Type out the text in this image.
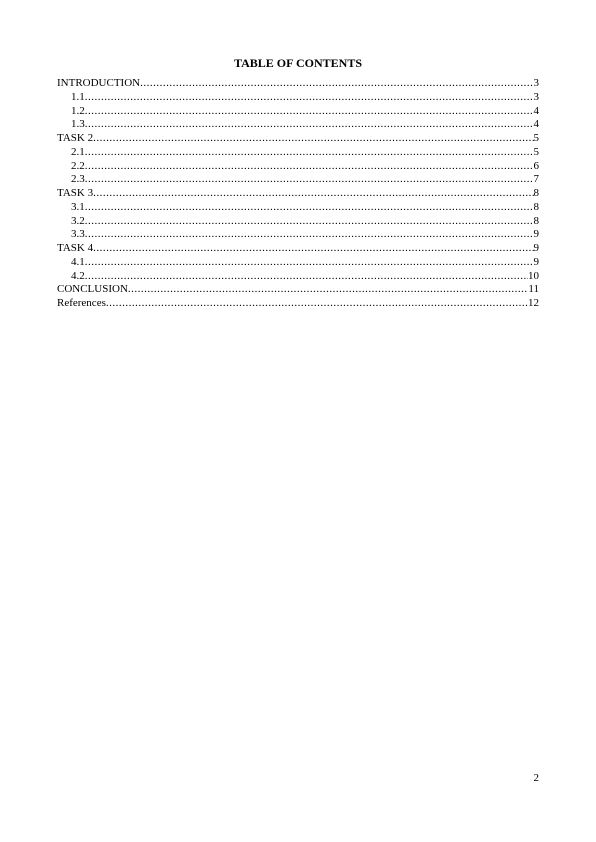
TABLE OF CONTENTS
INTRODUCTION .....	3
1.1 .....	3
1.2 .....	4
1.3 .....	4
TASK 2 .....	5
2.1 .....	5
2.2 .....	6
2.3 .....	7
TASK 3 .....	8
3.1 .....	8
3.2 .....	8
3.3 .....	9
TASK 4 .....	9
4.1 .....	9
4.2 .....	10
CONCLUSION .....	11
References .....	12
2
